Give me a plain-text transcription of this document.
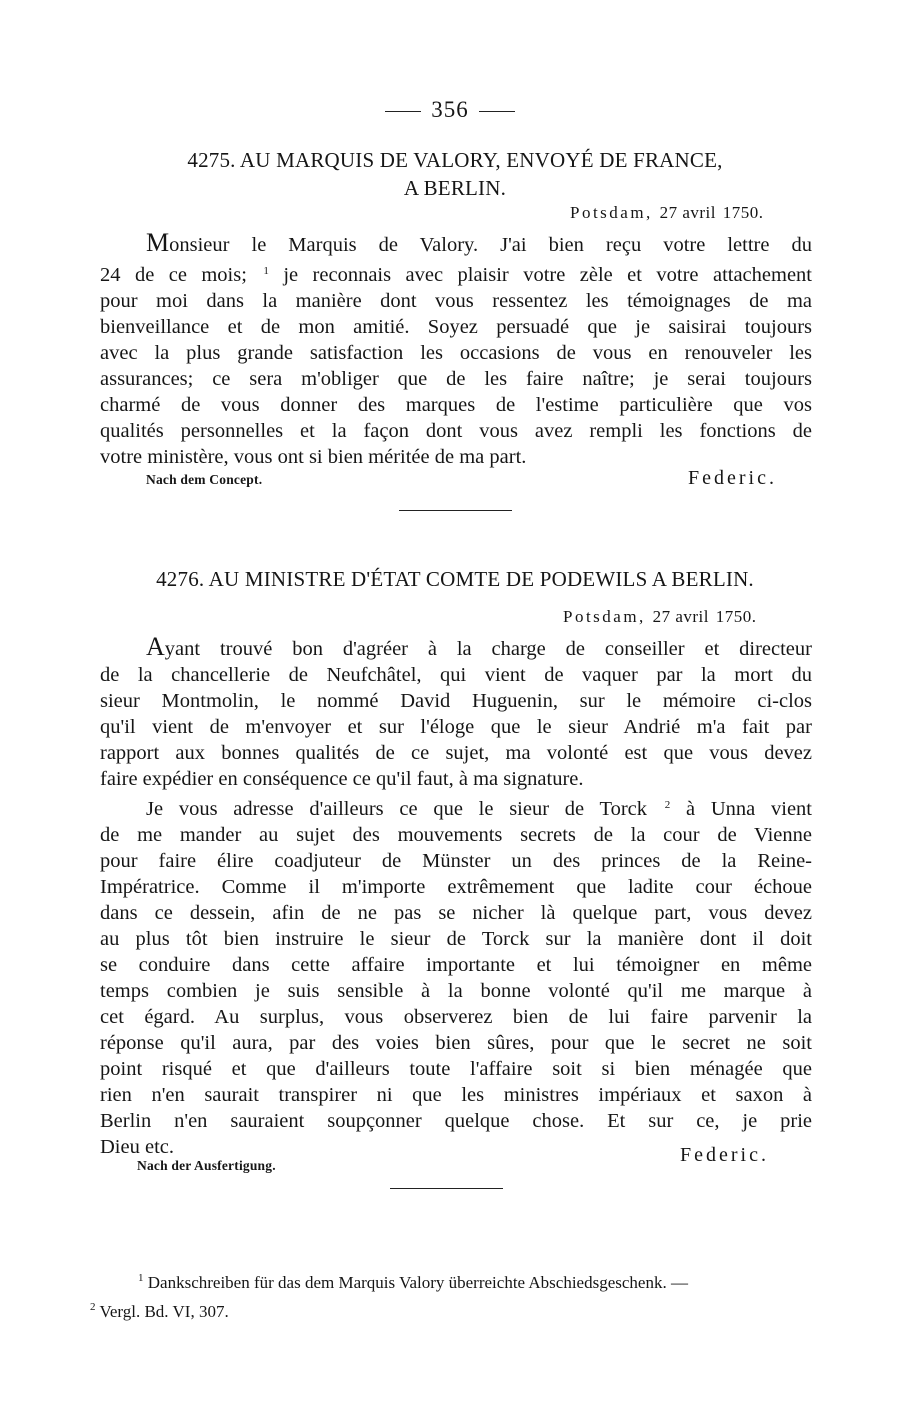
356
4275. AU MARQUIS DE VALORY, ENVOYÉ DE FRANCE,
A BERLIN.
Potsdam, 27 avril 1750.
Monsieur le Marquis de Valory. J'ai bien reçu votre lettre du
24 de ce mois; $^1$ je reconnais avec plaisir votre zèle et votre attachement
pour moi dans la manière dont vous ressentez les témoignages de ma
bienveillance et de mon amitié. Soyez persuadé que je saisirai toujours
avec la plus grande satisfaction les occasions de vous en renouveler les
assurances; ce sera m'obliger que de les faire naître; je serai toujours
charmé de vous donner des marques de l'estime particulière que vos
qualités personnelles et la façon dont vous avez rempli les fonctions de
votre ministère, vous ont si bien méritée de ma part.
Nach dem Concept.	Federic.
4276. AU MINISTRE D'ÉTAT COMTE DE PODEWILS A BERLIN.
Potsdam, 27 avril 1750.
Ayant trouvé bon d'agréer à la charge de conseiller et directeur
de la chancellerie de Neufchâtel, qui vient de vaquer par la mort du
sieur Montmolin, le nommé David Huguenin, sur le mémoire ci-clos
qu'il vient de m'envoyer et sur l'éloge que le sieur Andrié m'a fait par
rapport aux bonnes qualités de ce sujet, ma volonté est que vous devez
faire expédier en conséquence ce qu'il faut, à ma signature.
Je vous adresse d'ailleurs ce que le sieur de Torck $^2$ à Unna vient
de me mander au sujet des mouvements secrets de la cour de Vienne
pour faire élire coadjuteur de Münster un des princes de la Reine-
Impératrice. Comme il m'importe extrêmement que ladite cour échoue
dans ce dessein, afin de ne pas se nicher là quelque part, vous devez
au plus tôt bien instruire le sieur de Torck sur la manière dont il doit
se conduire dans cette affaire importante et lui témoigner en même
temps combien je suis sensible à la bonne volonté qu'il me marque à
cet égard. Au surplus, vous observerez bien de lui faire parvenir la
réponse qu'il aura, par des voies bien sûres, pour que le secret ne soit
point risqué et que d'ailleurs toute l'affaire soit si bien ménagée que
rien n'en saurait transpirer ni que les ministres impériaux et saxon à
Berlin n'en sauraient soupçonner quelque chose. Et sur ce, je prie
Dieu etc.
Nach der Ausfertigung.	Federic.
$^1$ Dankschreiben für das dem Marquis Valory überreichte Abschiedsgeschenk. —
$^2$ Vergl. Bd. VI, 307.
